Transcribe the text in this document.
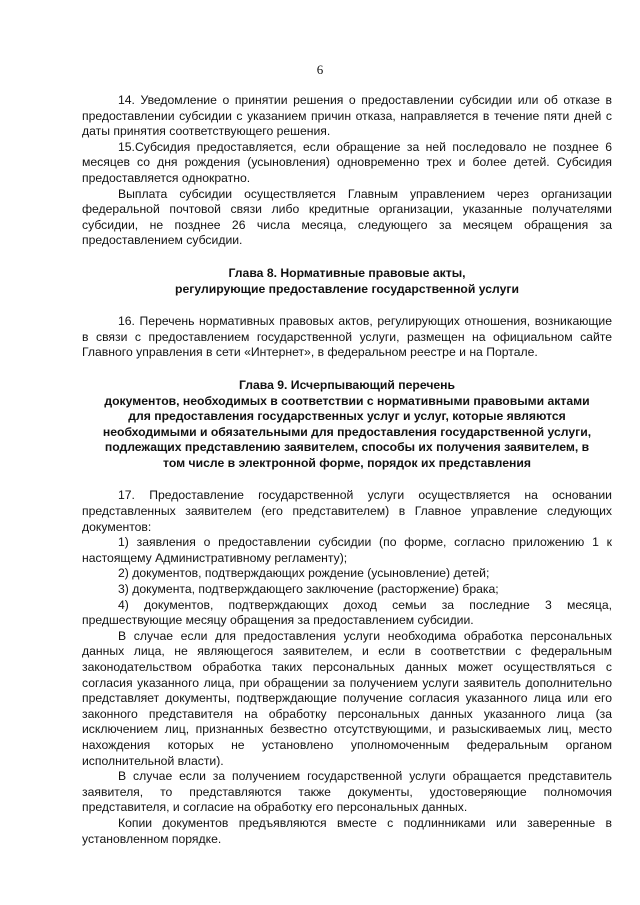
6

14. Уведомление о принятии решения о предоставлении субсидии или об отказе в предоставлении субсидии с указанием причин отказа, направляется в течение пяти дней с даты принятия соответствующего решения.

15.Субсидия предоставляется, если обращение за ней последовало не позднее 6 месяцев со дня рождения (усыновления) одновременно трех и более детей. Субсидия предоставляется однократно.

Выплата субсидии осуществляется Главным управлением через организации федеральной почтовой связи либо кредитные организации, указанные получателями субсидии, не позднее 26 числа месяца, следующего за месяцем обращения за предоставлением субсидии.

Глава 8. Нормативные правовые акты,
регулирующие предоставление государственной услуги

16. Перечень нормативных правовых актов, регулирующих отношения, возникающие в связи с предоставлением государственной услуги, размещен на официальном сайте Главного управления в сети «Интернет», в федеральном реестре и на Портале.

Глава 9. Исчерпывающий перечень
документов, необходимых в соответствии с нормативными правовыми актами
для предоставления государственных услуг и услуг, которые являются
необходимыми и обязательными для предоставления государственной услуги,
подлежащих представлению заявителем, способы их получения заявителем, в
том числе в электронной форме, порядок их представления

17. Предоставление государственной услуги осуществляется на основании представленных заявителем (его представителем) в Главное управление следующих документов:

1) заявления о предоставлении субсидии (по форме, согласно приложению 1 к настоящему Административному регламенту);

2) документов, подтверждающих рождение (усыновление) детей;

3) документа, подтверждающего заключение (расторжение) брака;

4) документов, подтверждающих доход семьи за последние 3 месяца, предшествующие месяцу обращения за предоставлением субсидии.

В случае если для предоставления услуги необходима обработка персональных данных лица, не являющегося заявителем, и если в соответствии с федеральным законодательством обработка таких персональных данных может осуществляться с согласия указанного лица, при обращении за получением услуги заявитель дополнительно представляет документы, подтверждающие получение согласия указанного лица или его законного представителя на обработку персональных данных указанного лица (за исключением лиц, признанных безвестно отсутствующими, и разыскиваемых лиц, место нахождения которых не установлено уполномоченным федеральным органом исполнительной власти).

В случае если за получением государственной услуги обращается представитель заявителя, то представляются также документы, удостоверяющие полномочия представителя, и согласие на обработку его персональных данных.

Копии документов предъявляются вместе с подлинниками или заверенные в установленном порядке.
